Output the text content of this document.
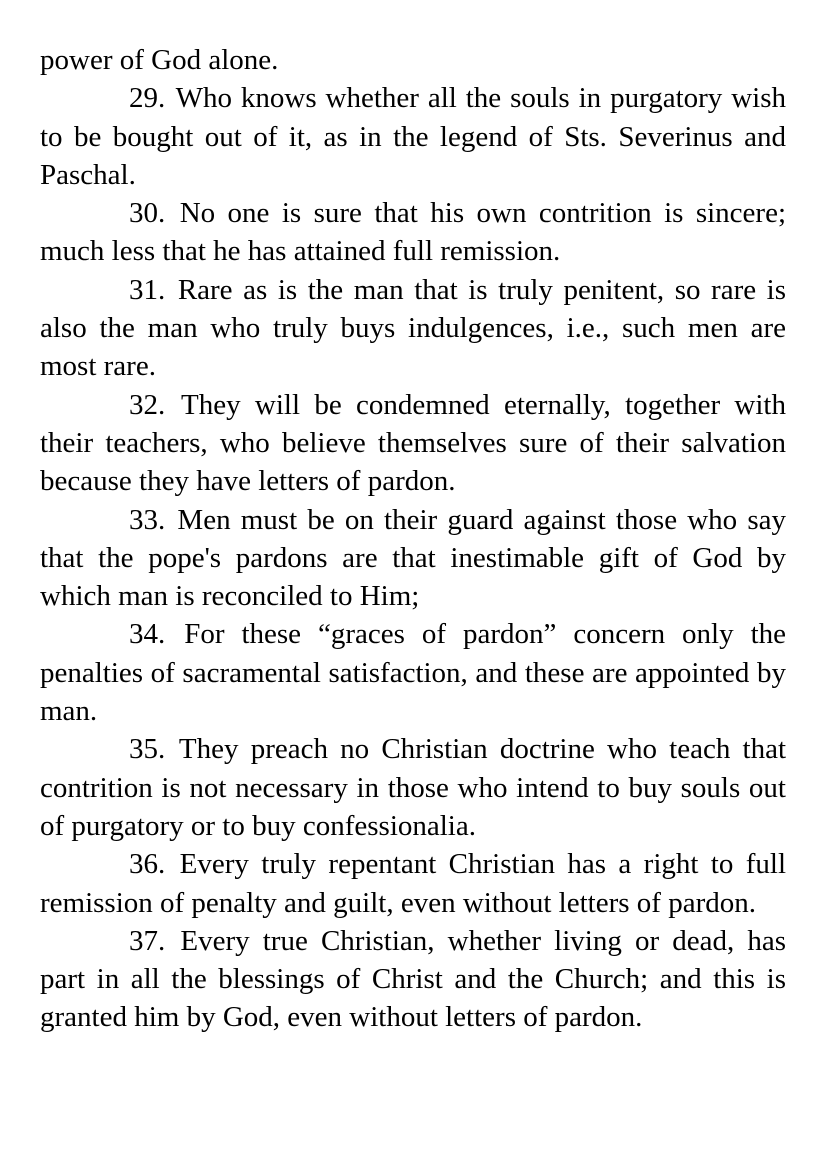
power of God alone.

29. Who knows whether all the souls in purgatory wish to be bought out of it, as in the legend of Sts. Severinus and Paschal.

30. No one is sure that his own contrition is sincere; much less that he has attained full remission.

31. Rare as is the man that is truly penitent, so rare is also the man who truly buys indulgences, i.e., such men are most rare.

32. They will be condemned eternally, together with their teachers, who believe themselves sure of their salvation because they have letters of pardon.

33. Men must be on their guard against those who say that the pope's pardons are that inestimable gift of God by which man is reconciled to Him;

34. For these “graces of pardon” concern only the penalties of sacramental satisfaction, and these are appointed by man.

35. They preach no Christian doctrine who teach that contrition is not necessary in those who intend to buy souls out of purgatory or to buy confessionalia.

36. Every truly repentant Christian has a right to full remission of penalty and guilt, even without letters of pardon.

37. Every true Christian, whether living or dead, has part in all the blessings of Christ and the Church; and this is granted him by God, even without letters of pardon.
